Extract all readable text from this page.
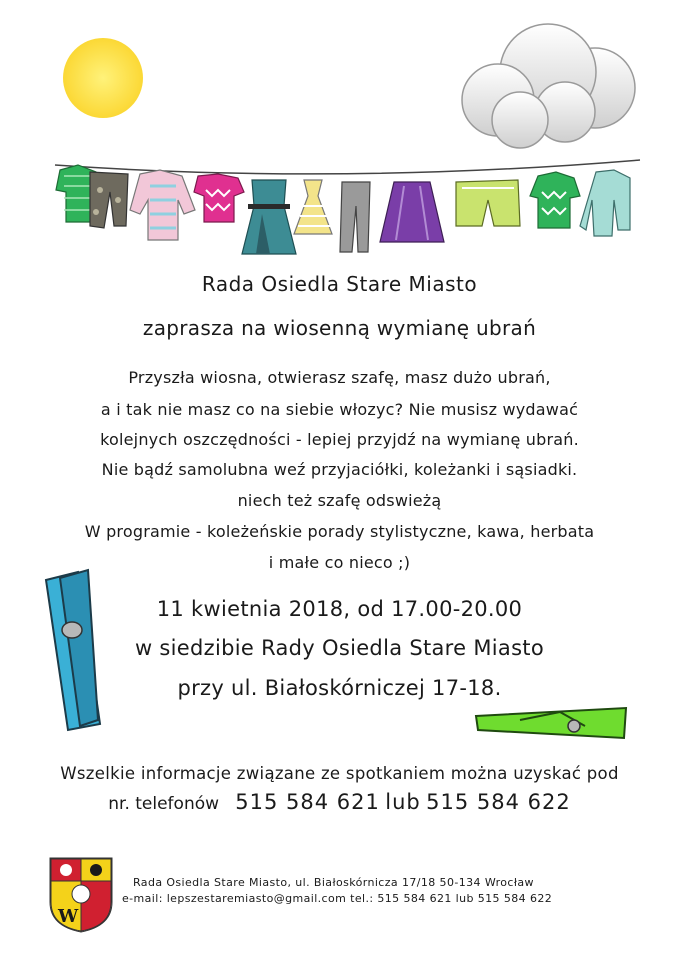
W
Rada Osiedla Stare Miasto
zaprasza na wiosenną wymianę ubrań
Przyszła wiosna, otwierasz szafę, masz dużo ubrań,
a i tak nie masz co na siebie włozyc? Nie musisz wydawać
kolejnych oszczędności - lepiej przyjdź na wymianę ubrań.
Nie bądź samolubna weź przyjaciółki, koleżanki i sąsiadki.
niech też szafę odswieżą
W programie - koleżeńskie porady stylistyczne, kawa, herbata
i małe co nieco ;)
11 kwietnia 2018, od 17.00-20.00
w siedzibie Rady Osiedla Stare Miasto
przy ul. Białoskórniczej 17-18.
Wszelkie informacje związane ze spotkaniem można uzyskać pod
nr. telefonów 515 584 621 lub 515 584 622
Rada Osiedla Stare Miasto, ul. Białoskórnicza 17/18 50-134 Wrocław
e-mail: lepszestaremiasto@gmail.com tel.: 515 584 621 lub 515 584 622
